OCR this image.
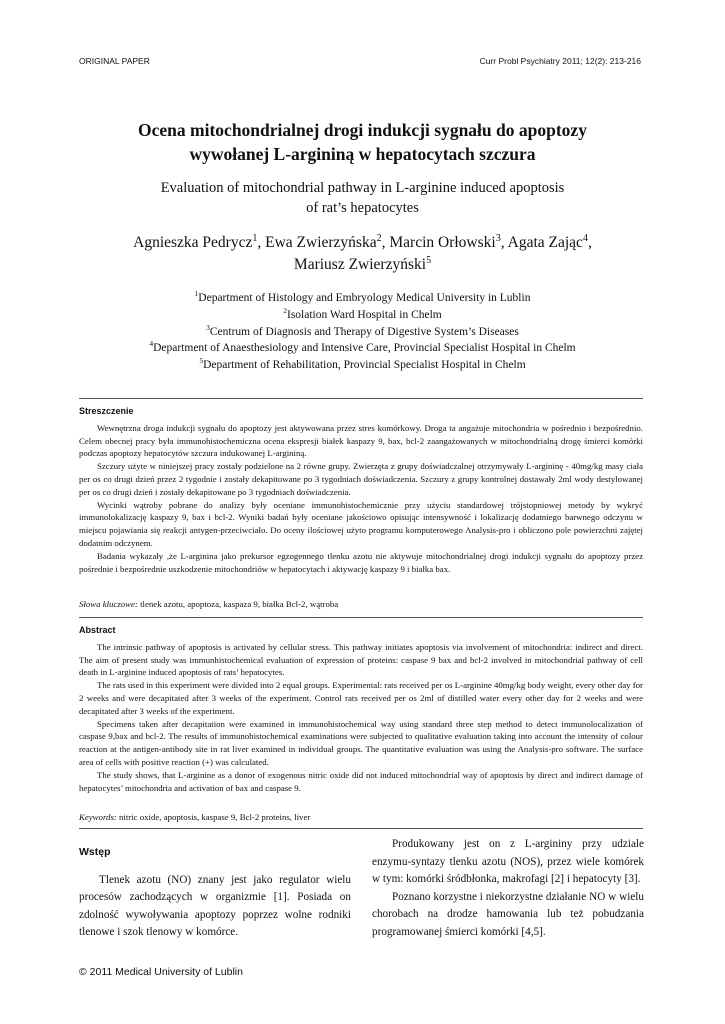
ORIGINAL PAPER	Curr Probl Psychiatry 2011; 12(2): 213-216
Ocena mitochondrialnej drogi indukcji sygnału do apoptozy
wywołanej L-argininą w hepatocytach szczura
Evaluation of mitochondrial pathway in L-arginine induced apoptosis
of rat’s hepatocytes
Agnieszka Pedrycz$^1$, Ewa Zwierzyńska$^2$, Marcin Orłowski$^3$, Agata Zając$^4$,
Mariusz Zwierzyński$^5$
$^1$Department of Histology and Embryology Medical University in Lublin
$^2$Isolation Ward Hospital in Chelm
$^3$Centrum of Diagnosis and Therapy of Digestive System’s Diseases
$^4$Department of Anaesthesiology and Intensive Care, Provincial Specialist Hospital in Chelm
$^5$Department of Rehabilitation, Provincial Specialist Hospital in Chelm
Streszczenie

Wewnętrzna droga indukcji sygnału do apoptozy jest aktywowana przez stres komórkowy. Droga ta angażuje mitochondria w pośrednio i bezpośrednio. Celem obecnej pracy była immunohistochemiczna ocena ekspresji białek kaspazy 9, bax, bcl-2 zaangażowanych w mitochondrialną drogę śmierci komórki podczas apoptozy hepatocytów szczura indukowanej L-argininą.

Szczury użyte w niniejszej pracy zostały podzielone na 2 równe grupy. Zwierzęta z grupy doświadczalnej otrzymywały L-argininę - 40mg/kg masy ciała per os co drugi dzień przez 2 tygodnie i zostały dekapitowane po 3 tygodniach doświadczenia. Szczury z grupy kontrolnej dostawały 2ml wody destylowanej per os co drugi dzień i zostały dekapitowane po 3 tygodniach doświadczenia.

Wycinki wątroby pobrane do analizy były oceniane immunohistochemicznie przy użyciu standardowej trójstopniowej metody by wykryć immunolokalizację kaspazy 9, bax i bcl-2. Wyniki badań były oceniane jakościowo opisując intensywność i lokalizację dodatniego barwnego odczynu w miejscu pojawiania się reakcji antygen-przeciwciało. Do oceny ilościowej użyto programu komputerowego Analysis-pro i obliczono pole powierzchni zajętej dodatnim odczynem.

Badania wykazały ,że L-arginina jako prekursor egzogennego tlenku azotu nie aktywuje mitochondrialnej drogi indukcji sygnału do apoptozy przez pośrednie i bezpośrednie uszkodzenie mitochondriów w hepatocytach i aktywację kaspazy 9 i białka bax.

Słowa kluczowe: tlenek azotu, apoptoza, kaspaza 9, białka Bcl-2, wątroba
Abstract

The intrinsic pathway of apoptosis is activated by cellular stress. This pathway initiates apoptosis via involvement of mitochondria: indirect and direct. The aim of present study was immunhistochemical evaluation of expression of proteins: caspase 9 bax and bcl-2 involved in mitochondrial pathway of cell death in L-arginine induced apoptosis of rats’ hepatocytes.

The rats used in this experiment were divided into 2 equal groups. Experimental: rats received per os L-arginine 40mg/kg body weight, every other day for 2 weeks and were decapitated after 3 weeks of the experiment. Control rats received per os 2ml of distilled water every other day for 2 weeks and were decapitated after 3 weeks of the experiment.

Specimens taken after decapitation were examined in immunohistochemical way using standard three step method to detect immunolocalization of caspase 9,bax and bcl-2. The results of immunohistochemical examinations were subjected to qualitative evaluation taking into account the intensity of colour reaction at the antigen-antibody site in rat liver examined in individual groups. The quantitative evaluation was using the Analysis-pro software. The surface area of cells with positive reaction (+) was calculated.

The study shows, that L-arginine as a donor of exogenous nitric oxide did not induced mitochondrial way of apoptosis by direct and indirect damage of hepatocytes’ mitochondria and activation of bax and caspase 9.

Keywords: nitric oxide, apoptosis, kaspase 9, Bcl-2 proteins, liver
Wstęp

Tlenek azotu (NO) znany jest jako regulator wielu procesów zachodzących w organizmie [1]. Posiada on zdolność wywoływania apoptozy poprzez wolne rodniki tlenowe i szok tlenowy w komórce.

Produkowany jest on z L-argininy przy udziale enzymu-syntazy tlenku azotu (NOS), przez wiele komórek w tym: komórki śródbłonka, makrofagi [2] i hepatocyty [3].

Poznano korzystne i niekorzystne działanie NO w wielu chorobach na drodze hamowania lub też pobudzania programowanej śmierci komórki [4,5].

© 2011 Medical University of Lublin
